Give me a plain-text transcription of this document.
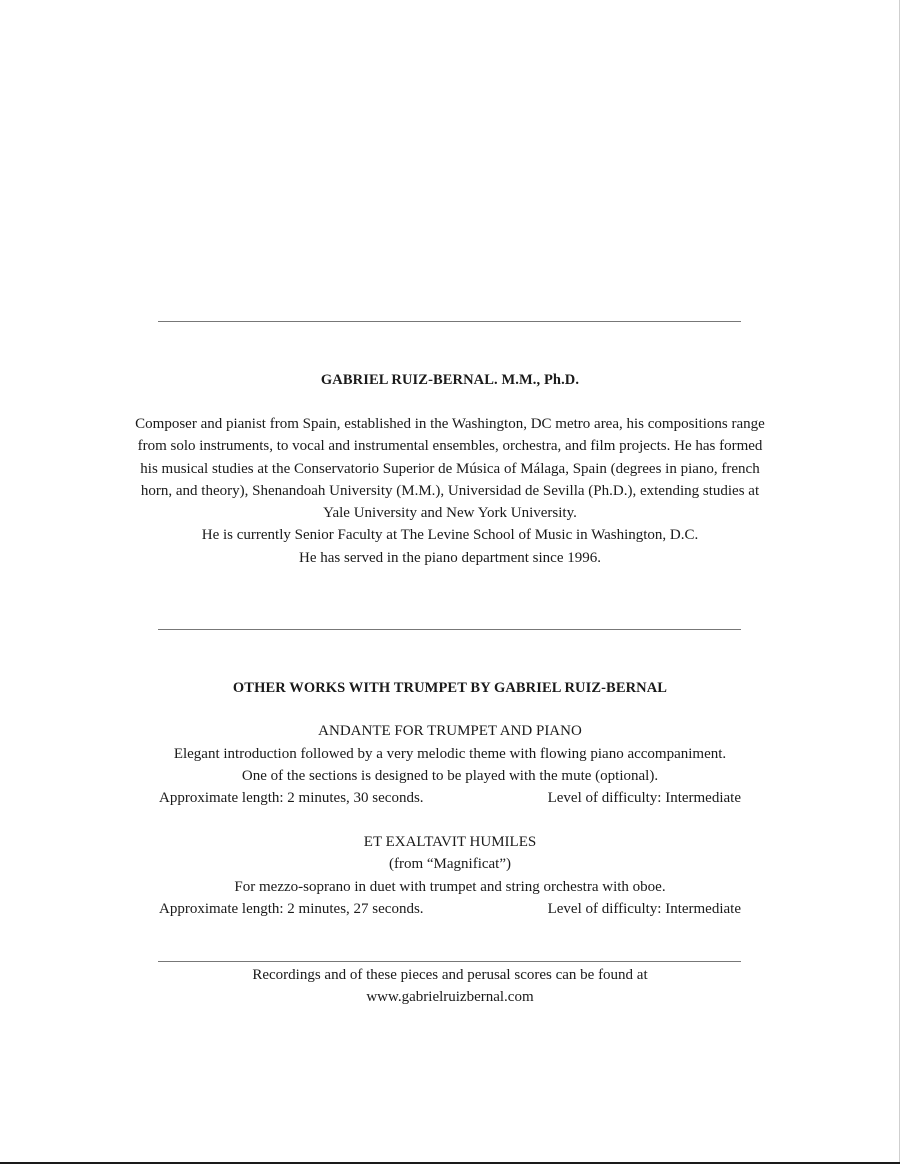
GABRIEL RUIZ-BERNAL. M.M., Ph.D.
Composer and pianist from Spain, established in the Washington, DC metro area, his compositions range
from solo instruments, to vocal and instrumental ensembles, orchestra, and film projects. He has formed
his musical studies at the Conservatorio Superior de Música of Málaga, Spain (degrees in piano, french
horn, and theory), Shenandoah University (M.M.), Universidad de Sevilla (Ph.D.), extending studies at
Yale University and New York University.
He is currently Senior Faculty at The Levine School of Music in Washington, D.C.
He has served in the piano department since 1996.
OTHER WORKS WITH TRUMPET BY GABRIEL RUIZ-BERNAL
ANDANTE FOR TRUMPET AND PIANO
Elegant introduction followed by a very melodic theme with flowing piano accompaniment.
One of the sections is designed to be played with the mute (optional).
Approximate length: 2 minutes, 30 seconds.	Level of difficulty: Intermediate
ET EXALTAVIT HUMILES
(from “Magnificat”)
For mezzo-soprano in duet with trumpet and string orchestra with oboe.
Approximate length: 2 minutes, 27 seconds.	Level of difficulty: Intermediate
Recordings and of these pieces and perusal scores can be found at
www.gabrielruizbernal.com
